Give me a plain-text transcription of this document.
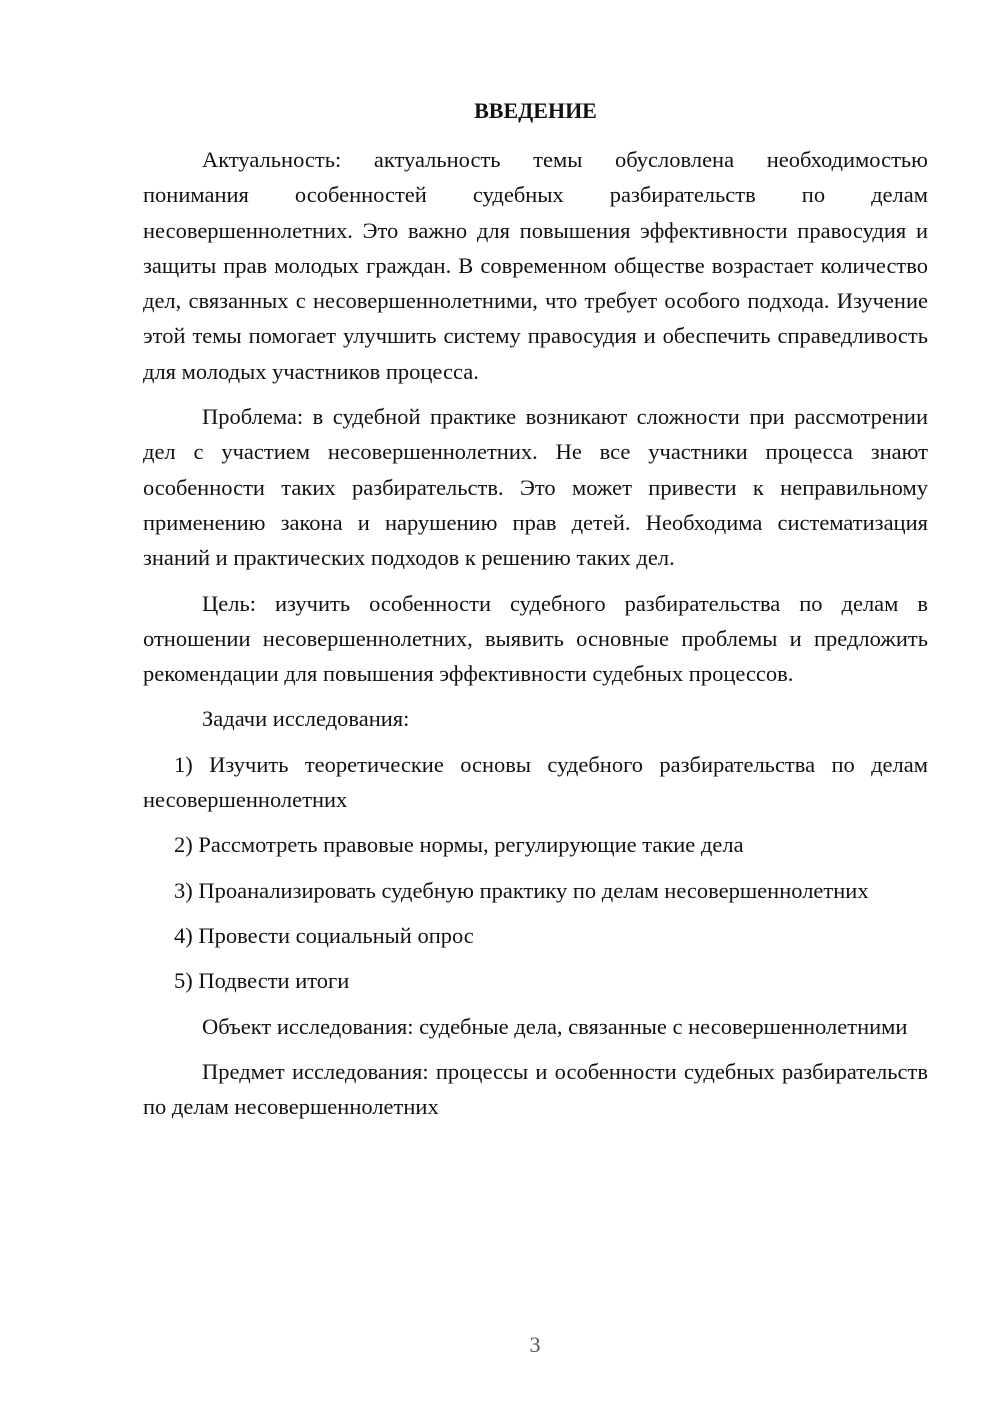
ВВЕДЕНИЕ

Актуальность: актуальность темы обусловлена необходимостью понимания особенностей судебных разбирательств по делам несовершеннолетних. Это важно для повышения эффективности правосудия и защиты прав молодых граждан. В современном обществе возрастает количество дел, связанных с несовершеннолетними, что требует особого подхода. Изучение этой темы помогает улучшить систему правосудия и обеспечить справедливость для молодых участников процесса.

Проблема: в судебной практике возникают сложности при рассмотрении дел с участием несовершеннолетних. Не все участники процесса знают особенности таких разбирательств. Это может привести к неправильному применению закона и нарушению прав детей. Необходима систематизация знаний и практических подходов к решению таких дел.

Цель: изучить особенности судебного разбирательства по делам в отношении несовершеннолетних, выявить основные проблемы и предложить рекомендации для повышения эффективности судебных процессов.

Задачи исследования:

1) Изучить теоретические основы судебного разбирательства по делам несовершеннолетних

2) Рассмотреть правовые нормы, регулирующие такие дела

3) Проанализировать судебную практику по делам несовершеннолетних

4) Провести социальный опрос

5) Подвести итоги

Объект исследования: судебные дела, связанные с несовершеннолетними

Предмет исследования: процессы и особенности судебных разбирательств по делам несовершеннолетних

3
